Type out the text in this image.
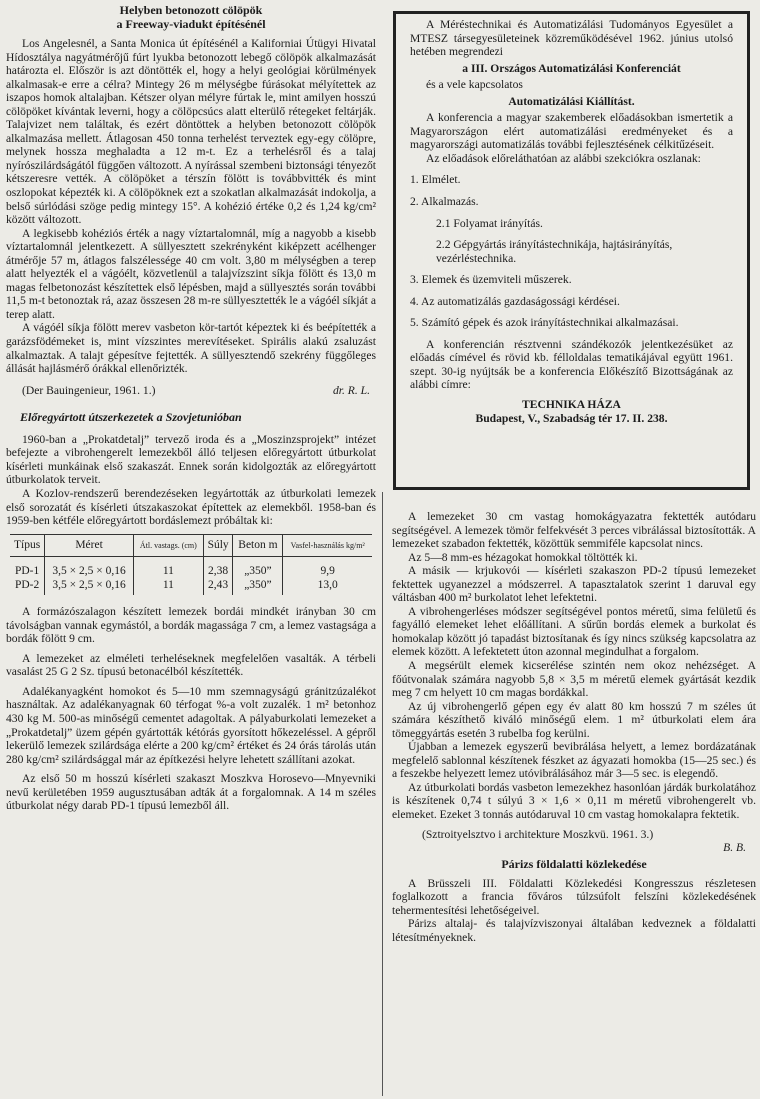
Helyben betonozott cölöpök
a Freeway-viadukt építésénél

Los Angelesnél, a Santa Monica út építésénél a Kaliforniai Útügyi Hivatal Hídosztálya nagyátmérőjű fúrt lyukba betonozott lebegő cölöpök alkalmazását határozta el. Először is azt döntötték el, hogy a helyi geológiai körülmények alkalmasak-e erre a célra? Mintegy 26 m mélységbe fúrásokat mélyítettek az iszapos homok altalajban. Kétszer olyan mélyre fúrtak le, mint amilyen hosszú cölöpöket kívántak leverni, hogy a cölöpcsúcs alatt elterülő rétegeket feltárják. Talajvizet nem találtak, és ezért döntöttek a helyben betonozott cölöpök alkalmazása mellett. Átlagosan 450 tonna terhelést terveztek egy-egy cölöpre, melynek hossza meghaladta a 12 m-t. Ez a terhelésről és a talaj nyírószilárdságától függően változott. A nyírással szembeni biztonsági tényezőt kétszeresre vették. A cölöpöket a térszín fölött is továbbvitték és mint oszlopokat képezték ki. A cölöpöknek ezt a szokatlan alkalmazását indokolja, a belső súrlódási szöge pedig mintegy 15°. A kohézió értéke 0,2 és 1,24 kg/cm² között változott.

A legkisebb kohéziós érték a nagy víztartalomnál, míg a nagyobb a kisebb víztartalomnál jelentkezett. A süllyesztett szekrényként kiképzett acélhenger átmérője 57 m, átlagos falszélessége 40 cm volt. 3,80 m mélységben a terep alatt helyezték el a vágóélt, közvetlenül a talajvízszint síkja fölött és 13,0 m magas felbetonozást készítettek első lépésben, majd a süllyesztés során további 11,5 m-t betonoztak rá, azaz összesen 28 m-re süllyesztették le a vágóél síkját a terep alatt.

A vágóél síkja fölött merev vasbeton kör-tartót képeztek ki és beépítették a garázsfödémeket is, mint vízszintes merevítéseket. Spirális alakú zsaluzást alkalmaztak. A talajt gépesítve fejtették. A süllyesztendő szekrény függőleges állását hajlásmérő órákkal ellenőrizték.

(Der Bauingenieur, 1961. 1.)	dr. R. L.
Előregyártott útszerkezetek a Szovjetunióban

1960-ban a „Prokatdetalj” tervező iroda és a „Moszinzsprojekt” intézet befejezte a vibrohengerelt lemezekből álló teljesen előregyártott útburkolat kísérleti munkáinak első szakaszát. Ennek során kidolgozták az előregyártott útburkolatok terveit.

A Kozlov-rendszerű berendezéseken legyártották az útburkolati lemezek első sorozatát és kísérleti útszakaszokat építettek az elemekből. 1958-ban és 1959-ben kétféle előregyártott bordáslemezt próbáltak ki:

Típus	Méret	Átl. vastags. (cm)	Súly	Beton m	Vasfel-használás kg/m²
PD-1	3,5 × 2,5 × 0,16	11	2,38	„350”	9,9
PD-2	3,5 × 2,5 × 0,16	11	2,43	„350”	13,0

A formázószalagon készített lemezek bordái mindkét irányban 30 cm távolságban vannak egymástól, a bordák magassága 7 cm, a lemez vastagsága a bordák fölött 9 cm.

A lemezeket az elméleti terheléseknek megfelelően vasalták. A térbeli vasalást 25 G 2 Sz. típusú betonacélból készítették.

Adalékanyagként homokot és 5—10 mm szemnagyságú gránitzúzalékot használtak. Az adalékanyagnak 60 térfogat %-a volt zuzalék. 1 m² betonhoz 430 kg M. 500-as minőségű cementet adagoltak. A pályaburkolati lemezeket a „Prokatdetalj” üzem gépén gyártották kétórás gyorsított hőkezeléssel. A gépről lekerülő lemezek szilárdsága elérte a 200 kg/cm² értéket és 24 órás tárolás után 280 kg/cm² szilárdsággal már az építkezési helyre lehetett szállítani azokat.

Az első 50 m hosszú kísérleti szakaszt Moszkva Horosevo—Mnyevniki nevű kerületében 1959 augusztusában adták át a forgalomnak. A 14 m széles útburkolat négy darab PD-1 típusú lemezből áll.

A Méréstechnikai és Automatizálási Tudományos Egyesület a MTESZ társegyesületeinek közreműködésével 1962. június utolsó hetében megrendezi

a III. Országos Automatizálási Konferenciát
és a vele kapcsolatos
Automatizálási Kiállítást.

A konferencia a magyar szakemberek előadásokban ismertetik a Magyarországon elért automatizálási eredményeket és a magyarországi automatizálás további fejlesztésének célkitűzéseit.

Az előadások előreláthatóan az alábbi szekciókra oszlanak:

1. Elmélet.
2. Alkalmazás.
2.1 Folyamat irányítás.
2.2 Gépgyártás irányítástechnikája, hajtásirányítás, vezérléstechnika.
3. Elemek és üzemviteli műszerek.
4. Az automatizálás gazdaságossági kérdései.
5. Számító gépek és azok irányítástechnikai alkalmazásai.

A konferencián résztvenni szándékozók jelentkezésüket az előadás címével és rövid kb. félloldalas tematikájával együtt 1961. szept. 30-ig nyújtsák be a konferencia Előkészítő Bizottságának az alábbi címre:

TECHNIKA HÁZA
Budapest, V., Szabadság tér 17. II. 238.

A lemezeket 30 cm vastag homokágyazatra fektették autódaru segítségével. A lemezek tömör felfekvését 3 perces vibrálással biztosították. A lemezeket szabadon fektették, közöttük semmiféle kapcsolat nincs.

Az 5—8 mm-es hézagokat homokkal töltötték ki.

A másik — krjukovói — kísérleti szakaszon PD-2 típusú lemezeket fektettek ugyanezzel a módszerrel. A tapasztalatok szerint 1 daruval egy váltásban 400 m² burkolatot lehet lefektetni.

A vibrohengerléses módszer segítségével pontos méretű, sima felületű és fagyálló elemeket lehet előállítani. A sűrűn bordás elemek a burkolat és homokalap között jó tapadást biztosítanak és így nincs szükség kapcsolatra az elemek között. A lefektetett úton azonnal megindulhat a forgalom.

A megsérült elemek kicserélése szintén nem okoz nehézséget. A főútvonalak számára nagyobb 5,8 × 3,5 m méretű elemek gyártását kezdik meg 7 cm helyett 10 cm magas bordákkal.

Az új vibrohengerlő gépen egy év alatt 80 km hosszú 7 m széles út számára készíthető kiváló minőségű elem. 1 m² útburkolati elem ára tömeggyártás esetén 3 rubelba fog kerülni.

Újabban a lemezek egyszerű bevibrálása helyett, a lemez bordázatának megfelelő sablonnal készítenek fészket az ágyazati homokba (15—25 sec.) és a feszekbe helyezett lemez utóvibrálásához már 3—5 sec. is elegendő.

Az útburkolati bordás vasbeton lemezekhez hasonlóan járdák burkolatához is készítenek 0,74 t súlyú 3 × 1,6 × 0,11 m méretű vibrohengerelt vb. elemeket. Ezeket 3 tonnás autódaruval 10 cm vastag homokalapra fektetik.

(Sztroityelsztvo i architekture Moszkvü. 1961. 3.)

B. B.
Párizs földalatti közlekedése

A Brüsszeli III. Földalatti Közlekedési Kongresszus részletesen foglalkozott a francia főváros túlzsúfolt felszíni közlekedésének tehermentesítési lehetőségeivel.

Párizs altalaj- és talajvízviszonyai általában kedveznek a földalatti létesítményeknek.
